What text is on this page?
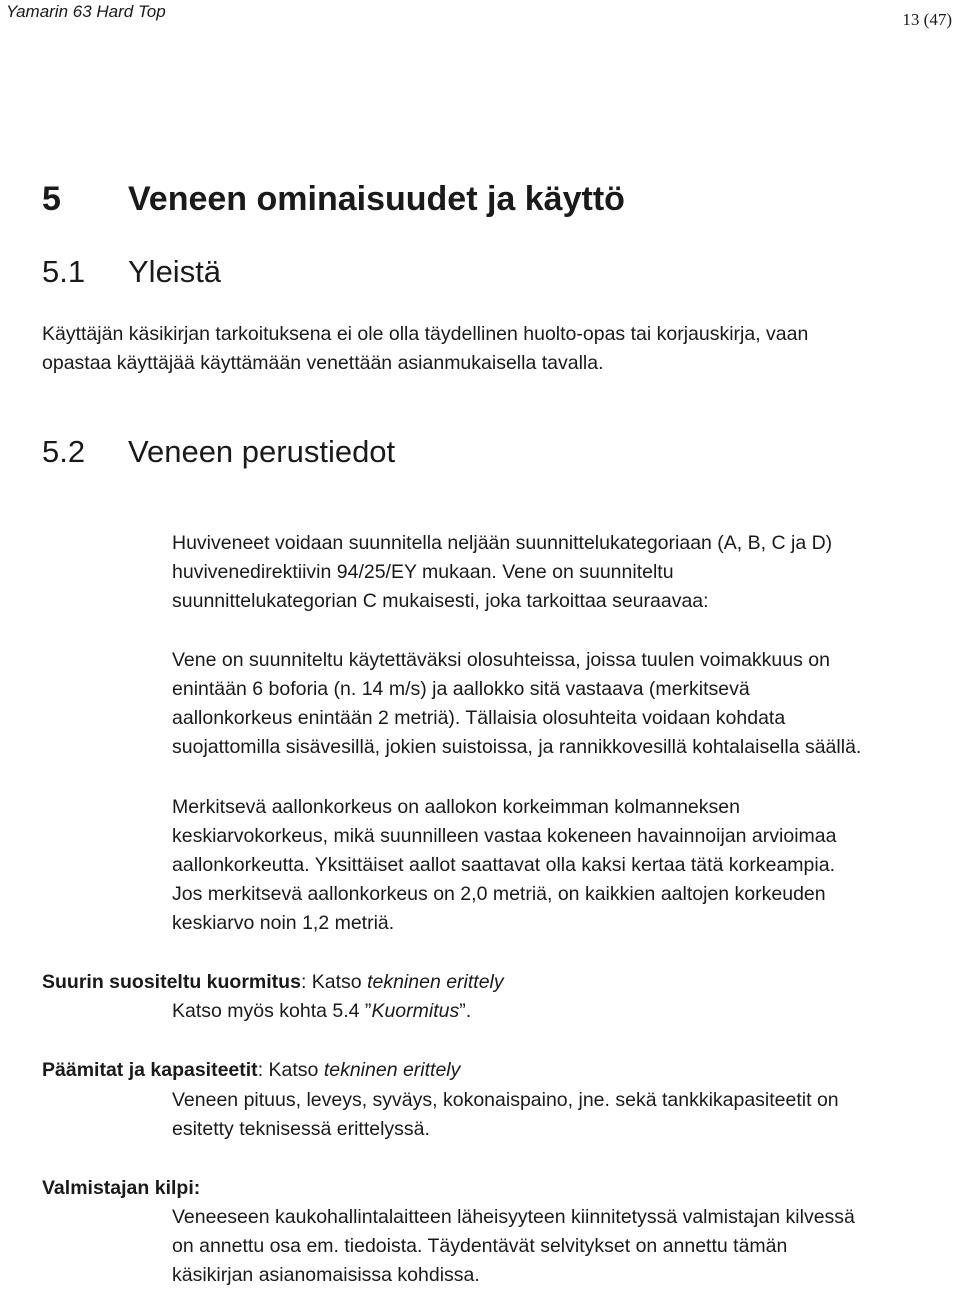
Yamarin 63 Hard Top	13 (47)
5 Veneen ominaisuudet ja käyttö
5.1 Yleistä
Käyttäjän käsikirjan tarkoituksena ei ole olla täydellinen huolto-opas tai korjauskirja, vaan
opastaa käyttäjää käyttämään venettään asianmukaisella tavalla.
5.2 Veneen perustiedot
Huviveneet voidaan suunnitella neljään suunnittelukategoriaan (A, B, C ja D)
huvivenedirektiivin 94/25/EY mukaan. Vene on suunniteltu
suunnittelukategorian C mukaisesti, joka tarkoittaa seuraavaa:
Vene on suunniteltu käytettäväksi olosuhteissa, joissa tuulen voimakkuus on
enintään 6 boforia (n. 14 m/s) ja aallokko sitä vastaava (merkitsevä
aallonkorkeus enintään 2 metriä). Tällaisia olosuhteita voidaan kohdata
suojattomilla sisävesillä, jokien suistoissa, ja rannikkovesillä kohtalaisella säällä.
Merkitsevä aallonkorkeus on aallokon korkeimman kolmanneksen
keskiarvokorkeus, mikä suunnilleen vastaa kokeneen havainnoijan arvioimaa
aallonkorkeutta. Yksittäiset aallot saattavat olla kaksi kertaa tätä korkeampia.
Jos merkitsevä aallonkorkeus on 2,0 metriä, on kaikkien aaltojen korkeuden
keskiarvo noin 1,2 metriä.
Suurin suositeltu kuormitus: Katso tekninen erittely
Katso myös kohta 5.4 ”Kuormitus”.
Päämitat ja kapasiteetit: Katso tekninen erittely
Veneen pituus, leveys, syväys, kokonaispaino, jne. sekä tankkikapasiteetit on
esitetty teknisessä erittelyssä.
Valmistajan kilpi:
Veneeseen kaukohallintalaitteen läheisyyteen kiinnitetyssä valmistajan kilvessä
on annettu osa em. tiedoista. Täydentävät selvitykset on annettu tämän
käsikirjan asianomaisissa kohdissa.
